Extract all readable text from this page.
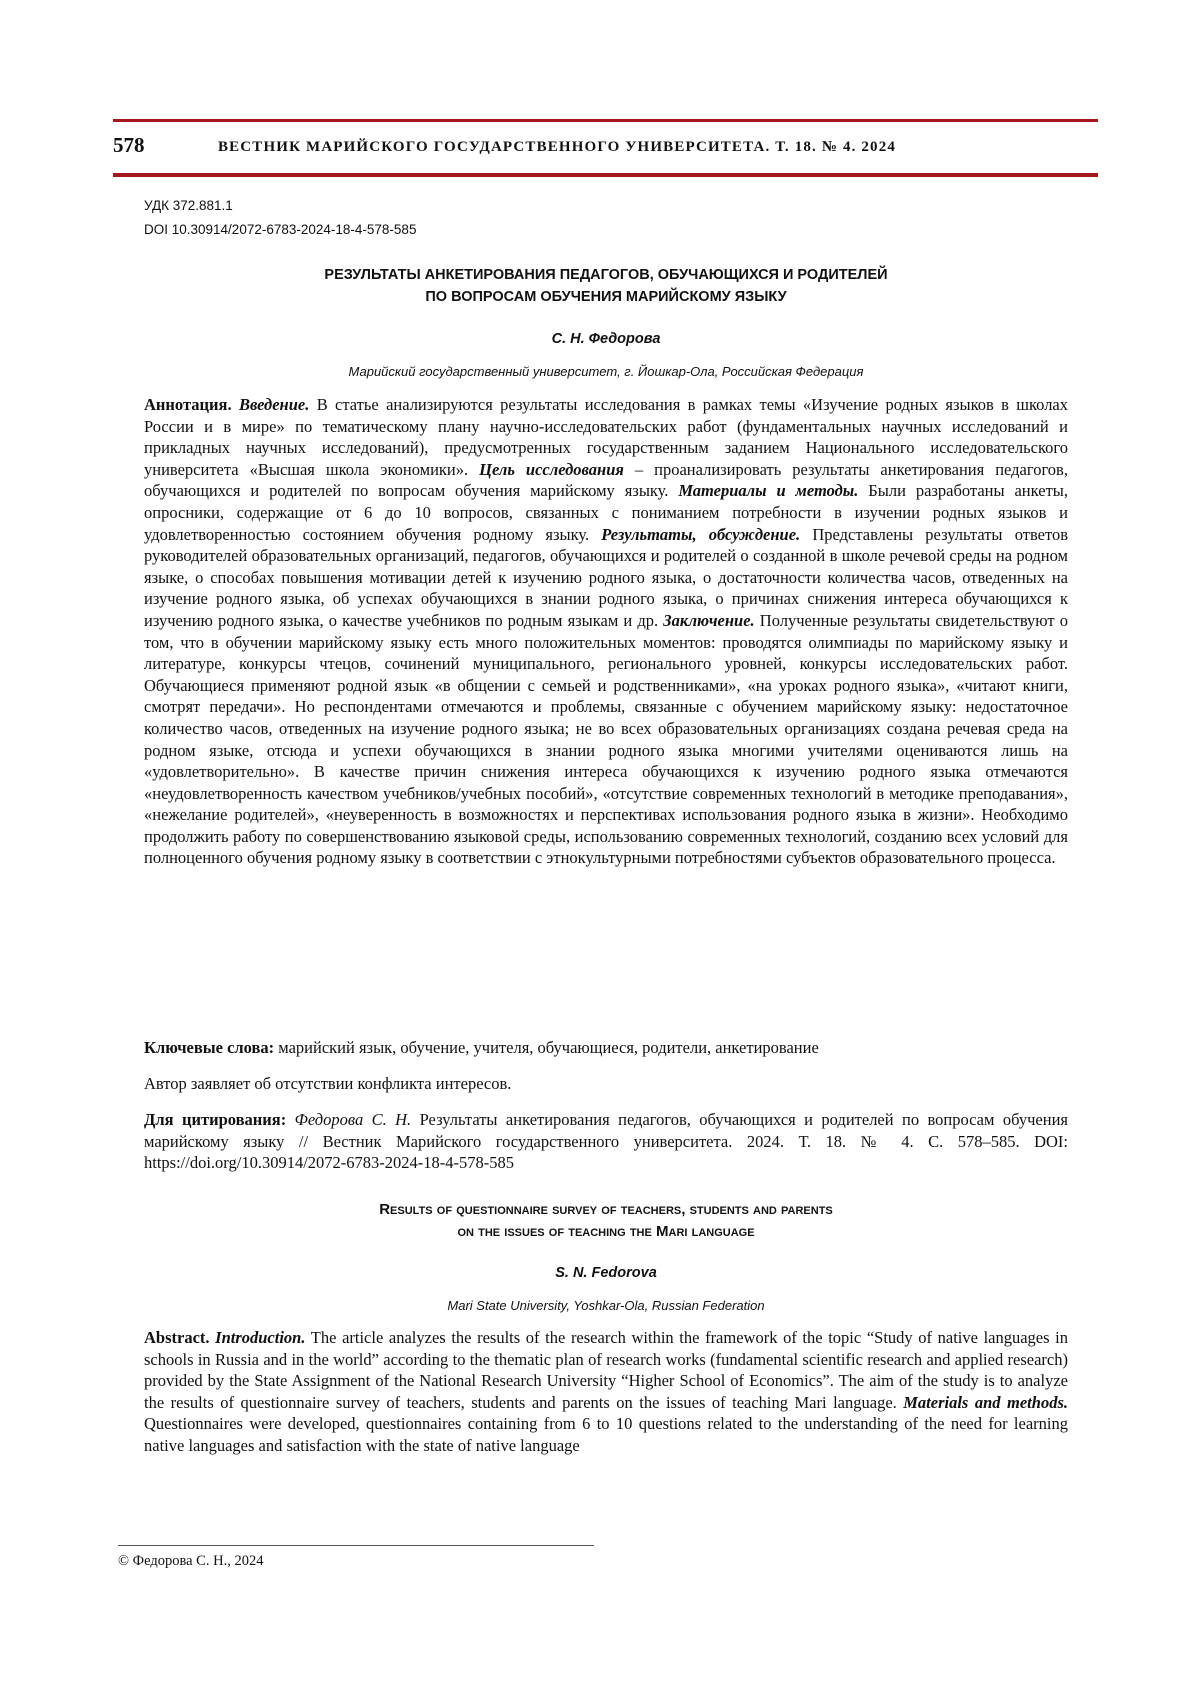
578	ВЕСТНИК МАРИЙСКОГО ГОСУДАРСТВЕННОГО УНИВЕРСИТЕТА. Т. 18. № 4. 2024
УДК 372.881.1
DOI 10.30914/2072-6783-2024-18-4-578-585
РЕЗУЛЬТАТЫ АНКЕТИРОВАНИЯ ПЕДАГОГОВ, ОБУЧАЮЩИХСЯ И РОДИТЕЛЕЙ
ПО ВОПРОСАМ ОБУЧЕНИЯ МАРИЙСКОМУ ЯЗЫКУ
С. Н. Федорова
Марийский государственный университет, г. Йошкар-Ола, Российская Федерация

Аннотация. Введение. В статье анализируются результаты исследования в рамках темы «Изучение родных языков в школах России и в мире» по тематическому плану научно-исследовательских работ (фундаментальных научных исследований и прикладных научных исследований), предусмотренных государственным заданием Национального исследовательского университета «Высшая школа экономики». Цель исследования – проанализировать результаты анкетирования педагогов, обучающихся и родителей по вопросам обучения марийскому языку. Материалы и методы. Были разработаны анкеты, опросники, содержащие от 6 до 10 вопросов, связанных с пониманием потребности в изучении родных языков и удовлетворенностью состоянием обучения родному языку. Результаты, обсуждение. Представлены результаты ответов руководителей образовательных организаций, педагогов, обучающихся и родителей о созданной в школе речевой среды на родном языке, о способах повышения мотивации детей к изучению родного языка, о достаточности количества часов, отведенных на изучение родного языка, об успехах обучающихся в знании родного языка, о причинах снижения интереса обучающихся к изучению родного языка, о качестве учебников по родным языкам и др. Заключение. Полученные результаты свидетельствуют о том, что в обучении марийскому языку есть много положительных моментов: проводятся олимпиады по марийскому языку и литературе, конкурсы чтецов, сочинений муниципального, регионального уровней, конкурсы исследовательских работ. Обучающиеся применяют родной язык «в общении с семьей и родственниками», «на уроках родного языка», «читают книги, смотрят передачи». Но респондентами отмечаются и проблемы, связанные с обучением марийскому языку: недостаточное количество часов, отведенных на изучение родного языка; не во всех образовательных организациях создана речевая среда на родном языке, отсюда и успехи обучающихся в знании родного языка многими учителями оцениваются лишь на «удовлетворительно». В качестве причин снижения интереса обучающихся к изучению родного языка отмечаются «неудовлетворенность качеством учебников/учебных пособий», «отсутствие современных технологий в методике преподавания», «нежелание родителей», «неуверенность в возможностях и перспективах использования родного языка в жизни». Необходимо продолжить работу по совершенствованию языковой среды, использованию современных технологий, созданию всех условий для полноценного обучения родному языку в соответствии с этнокультурными потребностями субъектов образовательного процесса.

Ключевые слова: марийский язык, обучение, учителя, обучающиеся, родители, анкетирование

Автор заявляет об отсутствии конфликта интересов.

Для цитирования: Федорова С. Н. Результаты анкетирования педагогов, обучающихся и родителей по вопросам обучения марийскому языку // Вестник Марийского государственного университета. 2024. Т. 18. № 4. С. 578–585. DOI: https://doi.org/10.30914/2072-6783-2024-18-4-578-585

Results of questionnaire survey of teachers, students and parents
on the issues of teaching the Mari language
S. N. Fedorova
Mari State University, Yoshkar-Ola, Russian Federation

Abstract. Introduction. The article analyzes the results of the research within the framework of the topic “Study of native languages in schools in Russia and in the world” according to the thematic plan of research works (fundamental scientific research and applied research) provided by the State Assignment of the National Research University “Higher School of Economics”. The aim of the study is to analyze the results of questionnaire survey of teachers, students and parents on the issues of teaching Mari language. Materials and methods. Questionnaires were developed, questionnaires containing from 6 to 10 questions related to the understanding of the need for learning native languages and satisfaction with the state of native language

© Федорова С. Н., 2024
